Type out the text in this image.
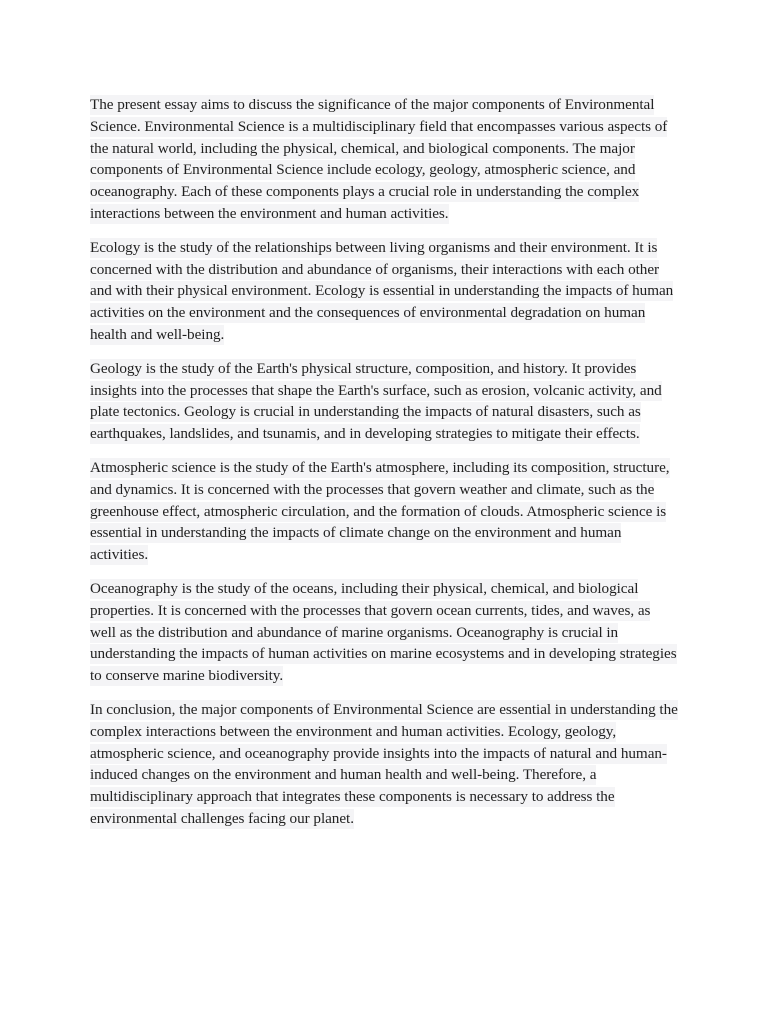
The present essay aims to discuss the significance of the major components of Environmental Science. Environmental Science is a multidisciplinary field that encompasses various aspects of the natural world, including the physical, chemical, and biological components. The major components of Environmental Science include ecology, geology, atmospheric science, and oceanography. Each of these components plays a crucial role in understanding the complex interactions between the environment and human activities.

Ecology is the study of the relationships between living organisms and their environment. It is concerned with the distribution and abundance of organisms, their interactions with each other and with their physical environment. Ecology is essential in understanding the impacts of human activities on the environment and the consequences of environmental degradation on human health and well-being.

Geology is the study of the Earth's physical structure, composition, and history. It provides insights into the processes that shape the Earth's surface, such as erosion, volcanic activity, and plate tectonics. Geology is crucial in understanding the impacts of natural disasters, such as earthquakes, landslides, and tsunamis, and in developing strategies to mitigate their effects.

Atmospheric science is the study of the Earth's atmosphere, including its composition, structure, and dynamics. It is concerned with the processes that govern weather and climate, such as the greenhouse effect, atmospheric circulation, and the formation of clouds. Atmospheric science is essential in understanding the impacts of climate change on the environment and human activities.

Oceanography is the study of the oceans, including their physical, chemical, and biological properties. It is concerned with the processes that govern ocean currents, tides, and waves, as well as the distribution and abundance of marine organisms. Oceanography is crucial in understanding the impacts of human activities on marine ecosystems and in developing strategies to conserve marine biodiversity.

In conclusion, the major components of Environmental Science are essential in understanding the complex interactions between the environment and human activities. Ecology, geology, atmospheric science, and oceanography provide insights into the impacts of natural and human-induced changes on the environment and human health and well-being. Therefore, a multidisciplinary approach that integrates these components is necessary to address the environmental challenges facing our planet.
